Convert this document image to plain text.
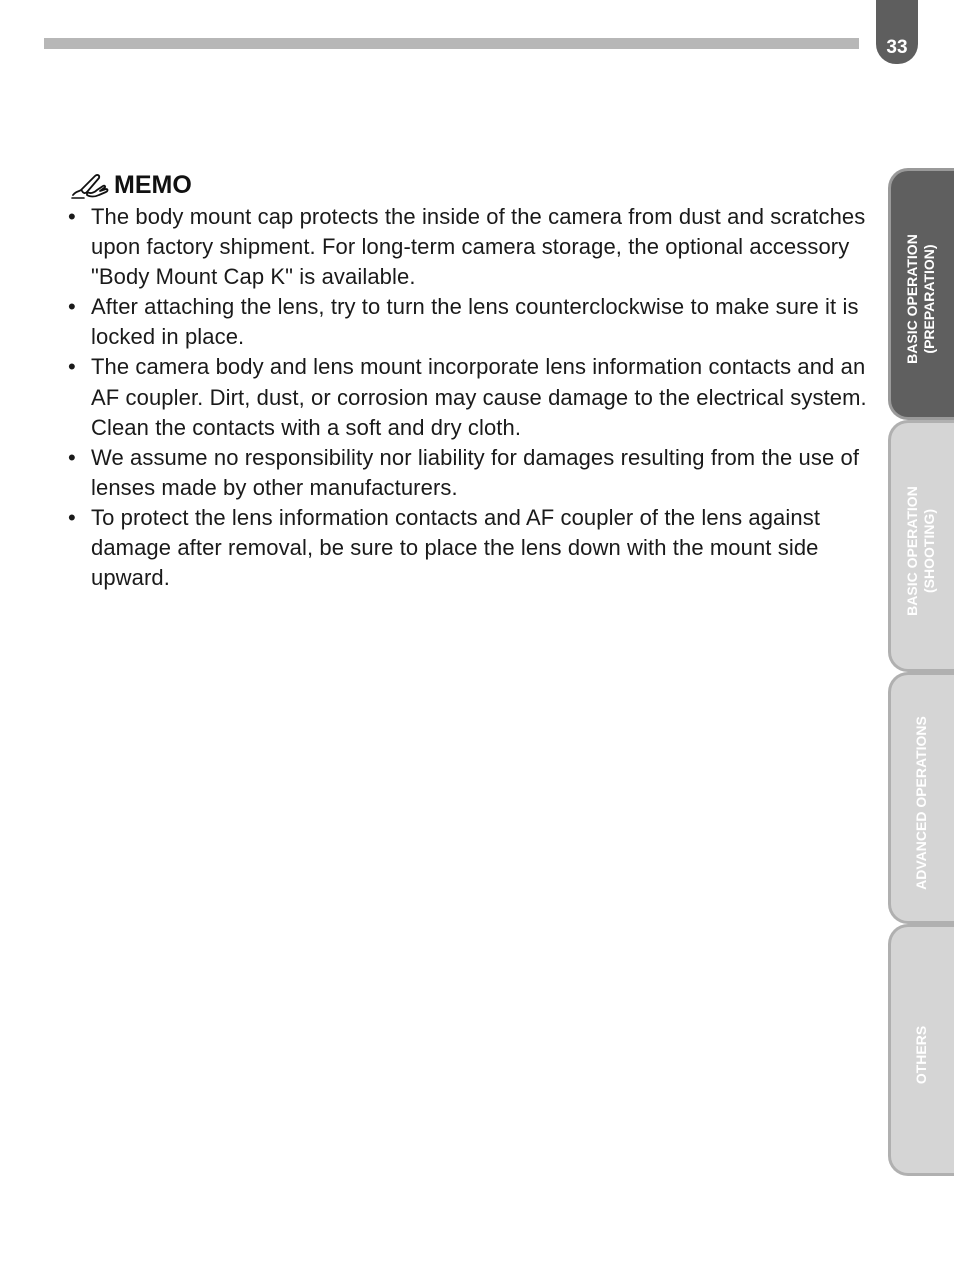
33
MEMO
• The body mount cap protects the inside of the camera from dust and scratches upon factory shipment. For long-term camera storage, the optional accessory "Body Mount Cap K" is available.
• After attaching the lens, try to turn the lens counterclockwise to make sure it is locked in place.
• The camera body and lens mount incorporate lens information contacts and an AF coupler. Dirt, dust, or corrosion may cause damage to the electrical system. Clean the contacts with a soft and dry cloth.
• We assume no responsibility nor liability for damages resulting from the use of lenses made by other manufacturers.
• To protect the lens information contacts and AF coupler of the lens against damage after removal, be sure to place the lens down with the mount side upward.
BASIC OPERATION (PREPARATION)
BASIC OPERATION (SHOOTING)
ADVANCED OPERATIONS
OTHERS
